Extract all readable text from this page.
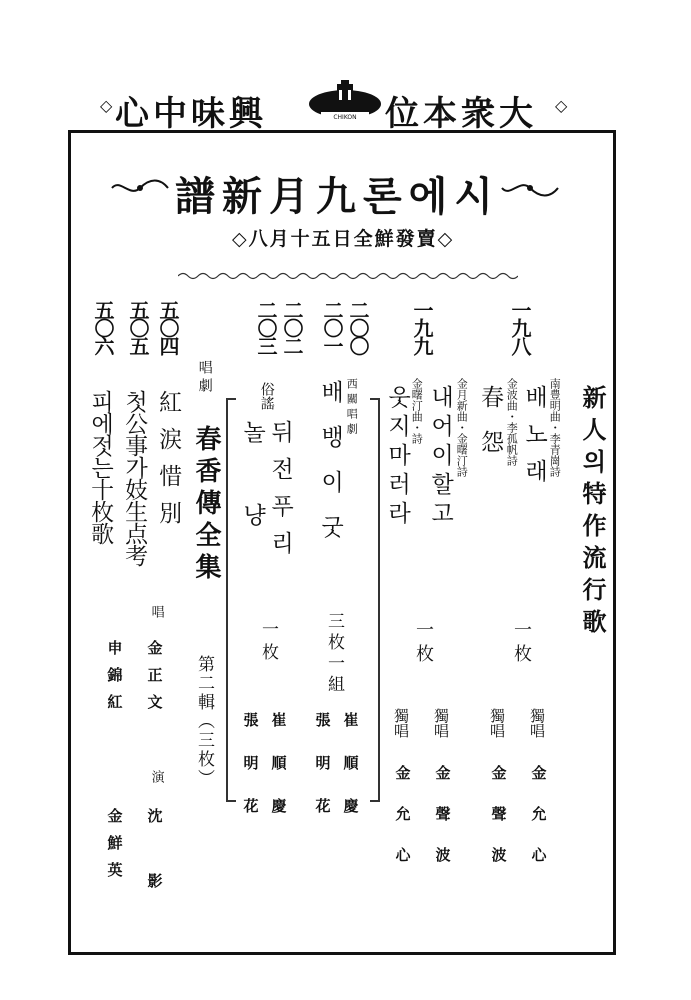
◇ 心中味興	CHIKON 位本衆大 ◇
譜新月九론에시
◇八月十五日全鮮發賣◇
新人의特作流行歌
一九八
南豊明曲・李青崗詩
배노래
金波曲・李孤帆詩
春怨
一枚
獨唱
金允心
獨唱
金聲波
一九九
金月新曲・金曙汀詩
내어이할고
金曙汀曲・詩
웃지마러라
一枚
獨唱
金聲波
獨唱
金允心
二〇〇
二〇一
西關唱劇
배뱅이굿
三枚一組
崔順慶
張明花
二〇二
二〇三
俗謠
뒤전푸리
놀냥
一枚
崔順慶
張明花
唱劇
春香傳全集
第二輯（三枚）
五〇四
紅涙惜別
唱
金正文
五〇五
첫公事가妓生点考
演
沈影
五〇六
피에젓는十枚歌
申錦紅
金鮮英
